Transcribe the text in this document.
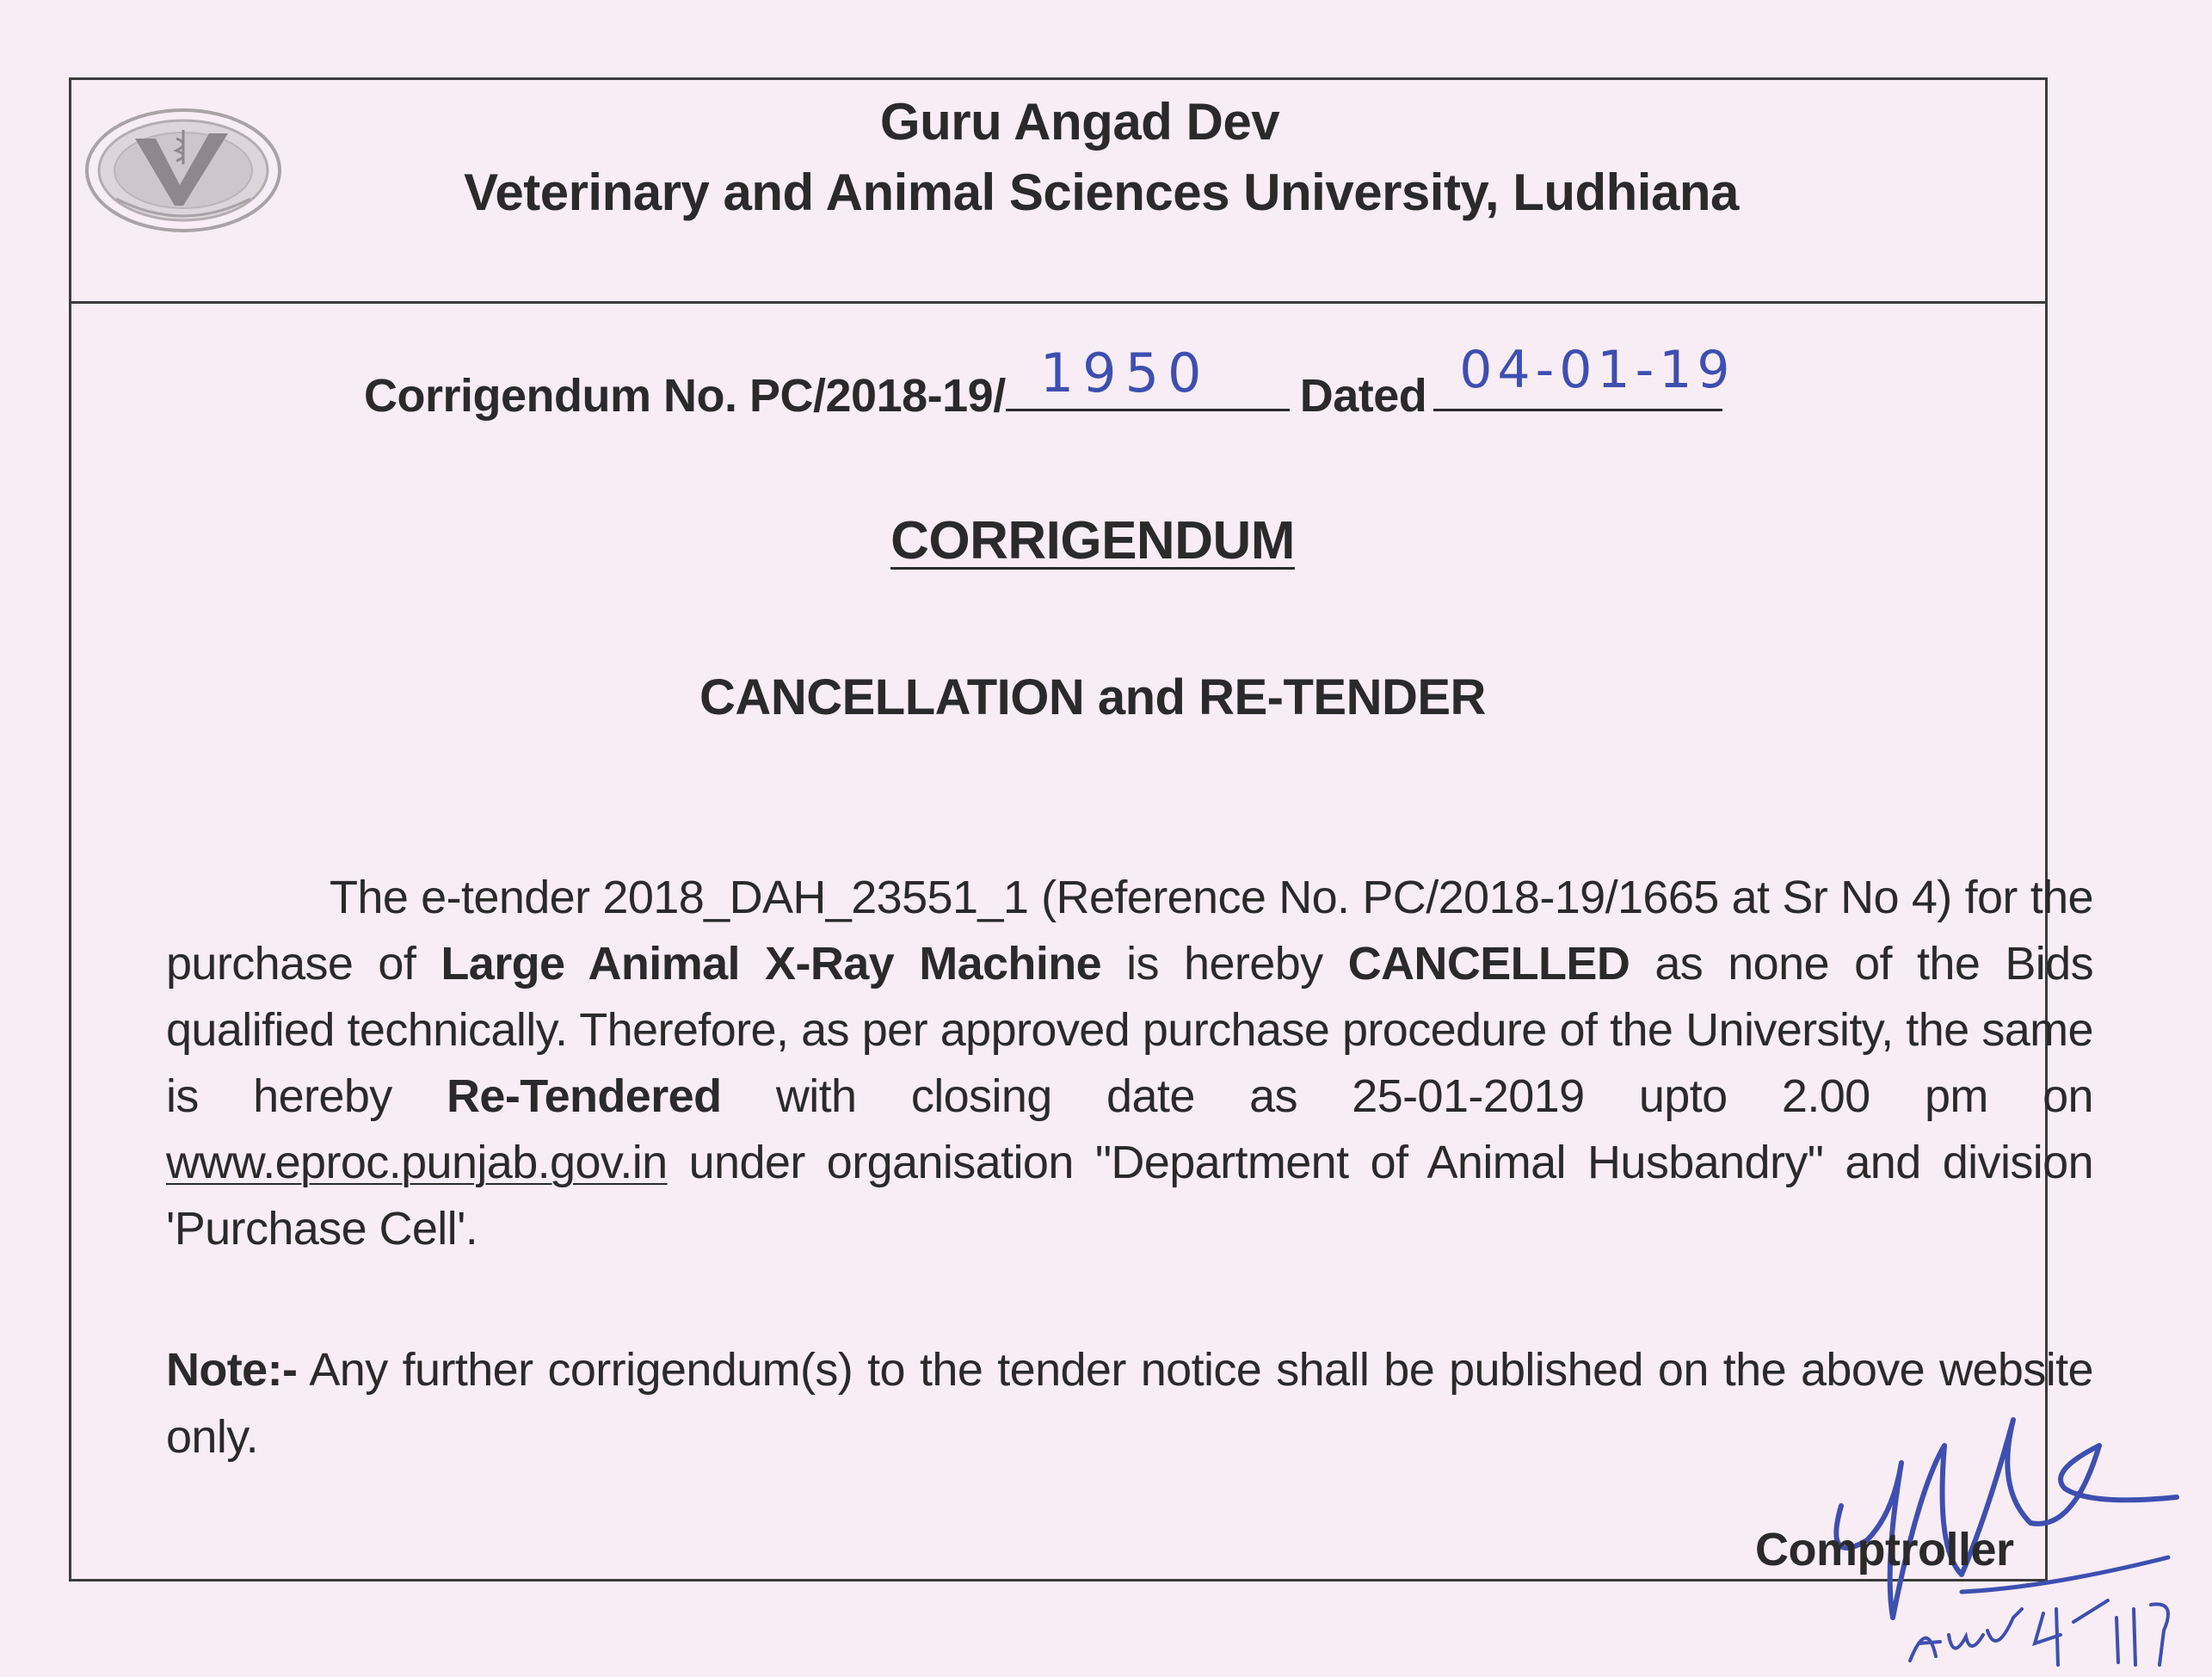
Guru Angad Dev
Veterinary and Animal Sciences University, Ludhiana
Corrigendum No. PC/2018-19/ 1950 Dated 04-01-19
CORRIGENDUM
CANCELLATION and RE-TENDER
The e-tender 2018_DAH_23551_1 (Reference No. PC/2018-19/1665 at Sr No 4) for the purchase of Large Animal X-Ray Machine is hereby CANCELLED as none of the Bids qualified technically. Therefore, as per approved purchase procedure of the University, the same is hereby Re-Tendered with closing date as 25-01-2019 upto 2.00 pm on www.eproc.punjab.gov.in under organisation "Department of Animal Husbandry" and division 'Purchase Cell'.
Note:- Any further corrigendum(s) to the tender notice shall be published on the above website only.
Comptroller
